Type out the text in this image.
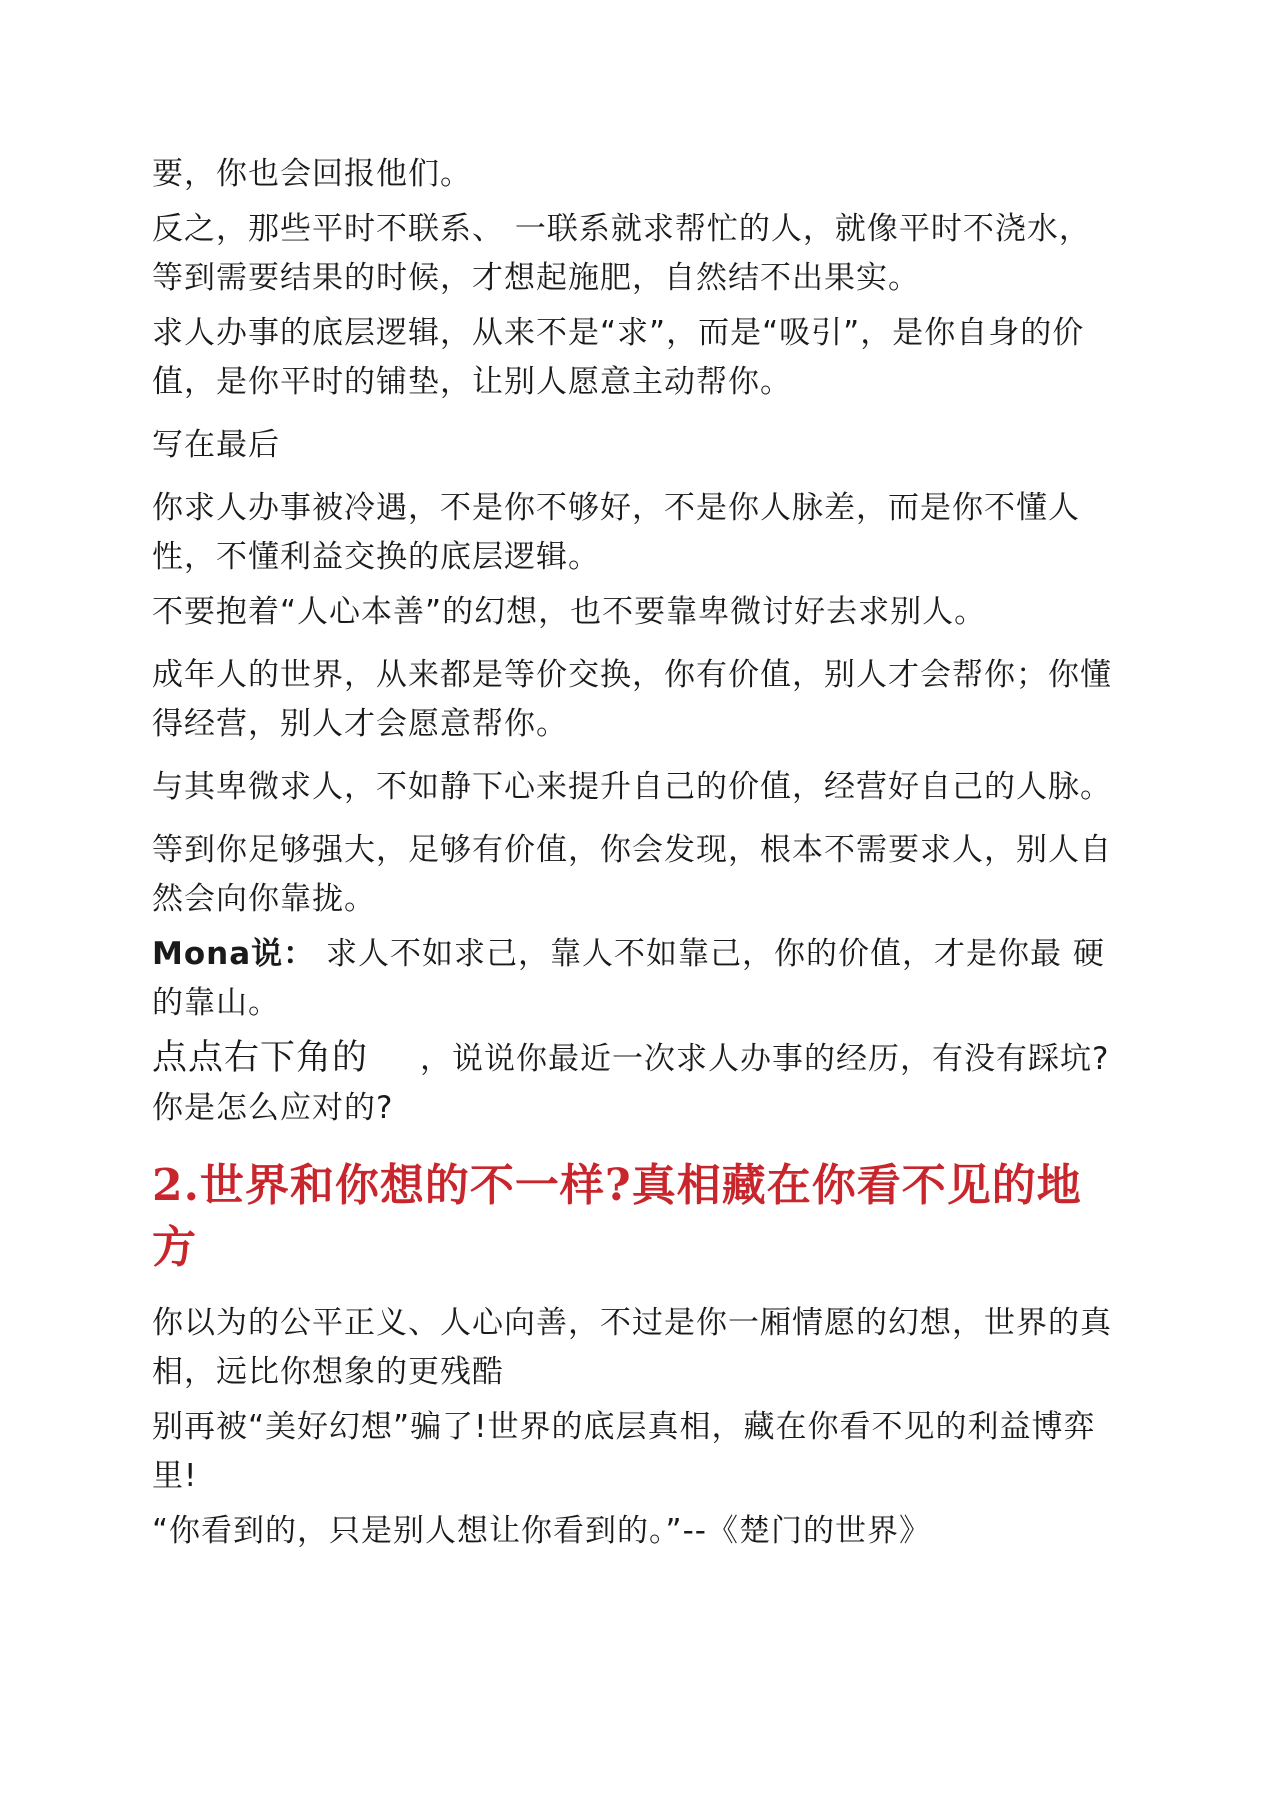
要，你也会回报他们。

反之，那些平时不联系、 一联系就求帮忙的人，就像平时不浇水，等到需要结果的时候，才想起施肥，自然结不出果实。

求人办事的底层逻辑，从来不是“求”，而是“吸引”，是你自身的价值，是你平时的铺垫，让别人愿意主动帮你。

写在最后

你求人办事被冷遇，不是你不够好，不是你人脉差，而是你不懂人性，不懂利益交换的底层逻辑。

不要抱着“人心本善”的幻想，也不要靠卑微讨好去求别人。

成年人的世界，从来都是等价交换，你有价值，别人才会帮你；你懂得经营，别人才会愿意帮你。

与其卑微求人，不如静下心来提升自己的价值，经营好自己的人脉。

等到你足够强大，足够有价值，你会发现，根本不需要求人，别人自然会向你靠拢。

Mona说： 求人不如求己，靠人不如靠己，你的价值，才是你最 硬的靠山。

点点右下角的 ，说说你最近一次求人办事的经历，有没有踩坑?你是怎么应对的?

2.世界和你想的不一样?真相藏在你看不见的地方

你以为的公平正义、人心向善，不过是你一厢情愿的幻想，世界的真相，远比你想象的更残酷

别再被“美好幻想”骗了!世界的底层真相，藏在你看不见的利益博弈里!

“你看到的，只是别人想让你看到的。”--《楚门的世界》
